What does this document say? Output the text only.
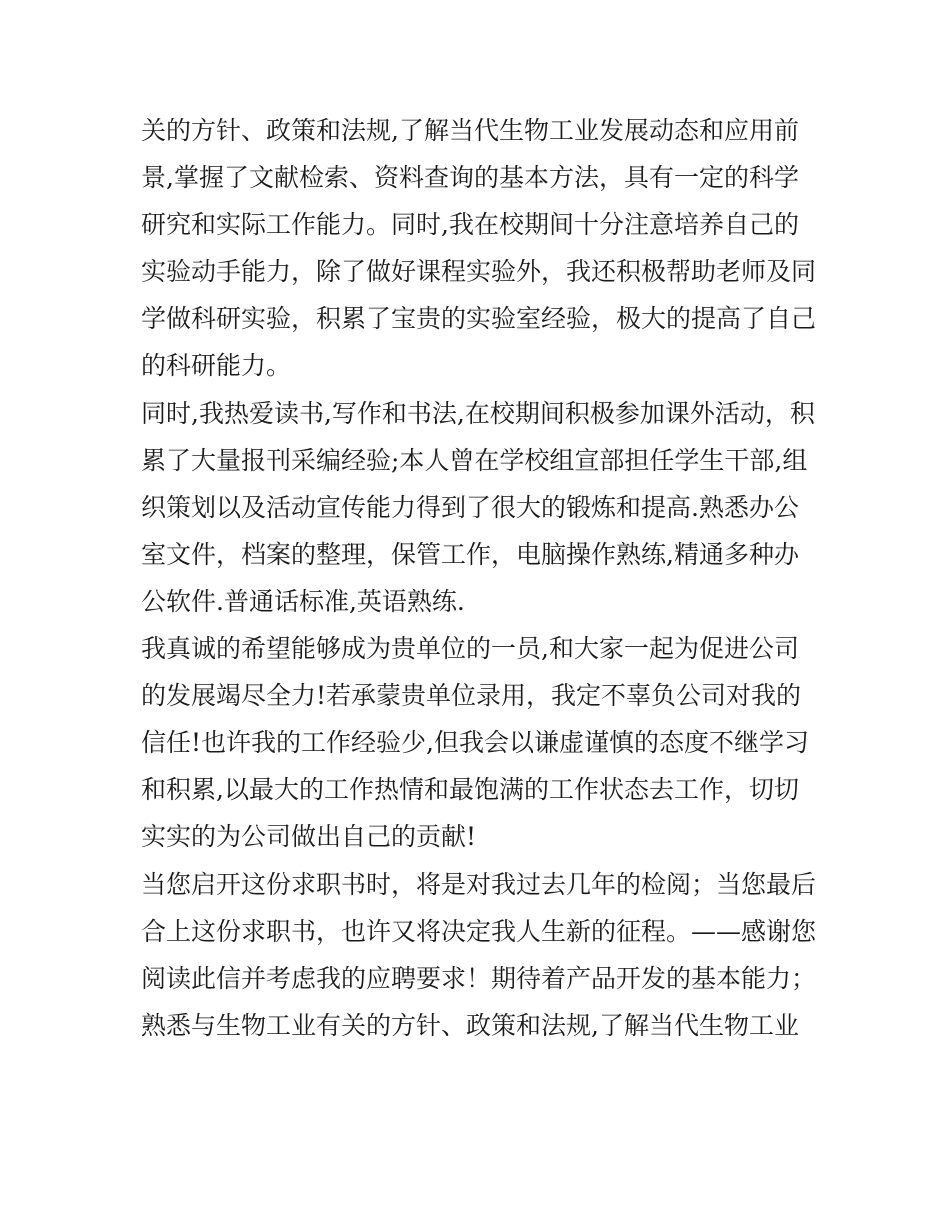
关的方针、政策和法规,了解当代生物工业发展动态和应用前
景,掌握了文献检索、资料查询的基本方法，具有一定的科学
研究和实际工作能力。同时,我在校期间十分注意培养自己的
实验动手能力，除了做好课程实验外，我还积极帮助老师及同
学做科研实验，积累了宝贵的实验室经验，极大的提高了自己
的科研能力。
同时,我热爱读书,写作和书法,在校期间积极参加课外活动，积
累了大量报刊采编经验;本人曾在学校组宣部担任学生干部,组
织策划以及活动宣传能力得到了很大的锻炼和提高.熟悉办公
室文件，档案的整理，保管工作，电脑操作熟练,精通多种办
公软件.普通话标准,英语熟练.
我真诚的希望能够成为贵单位的一员,和大家一起为促进公司
的发展竭尽全力!若承蒙贵单位录用，我定不辜负公司对我的
信任!也许我的工作经验少,但我会以谦虚谨慎的态度不继学习
和积累,以最大的工作热情和最饱满的工作状态去工作，切切
实实的为公司做出自己的贡献!
当您启开这份求职书时，将是对我过去几年的检阅；当您最后
合上这份求职书，也许又将决定我人生新的征程。——感谢您
阅读此信并考虑我的应聘要求！期待着产品开发的基本能力；
熟悉与生物工业有关的方针、政策和法规,了解当代生物工业
